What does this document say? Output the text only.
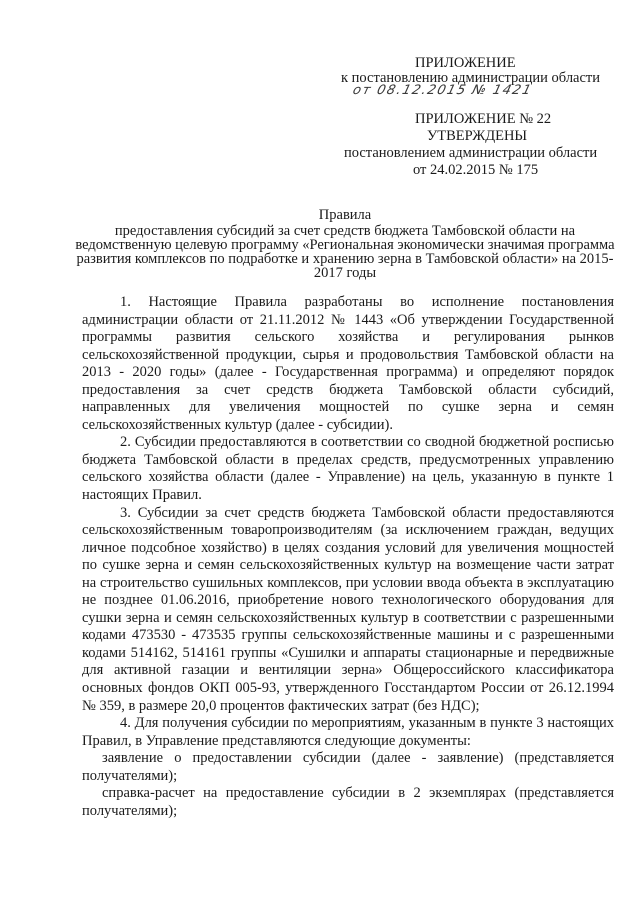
ПРИЛОЖЕНИЕ
к постановлению администрации области
от 08.12.2015 № 1421
ПРИЛОЖЕНИЕ № 22
УТВЕРЖДЕНЫ
постановлением администрации области
от 24.02.2015 № 175
Правила
предоставления субсидий за счет средств бюджета Тамбовской области на ведомственную целевую программу «Региональная экономически значимая программа развития комплексов по подработке и хранению зерна в Тамбовской области» на 2015-2017 годы

1. Настоящие Правила разработаны во исполнение постановления администрации области от 21.11.2012 № 1443 «Об утверждении Государственной программы развития сельского хозяйства и регулирования рынков сельскохозяйственной продукции, сырья и продовольствия Тамбовской области на 2013 - 2020 годы» (далее - Государственная программа) и определяют порядок предоставления за счет средств бюджета Тамбовской области субсидий, направленных для увеличения мощностей по сушке зерна и семян сельскохозяйственных культур (далее - субсидии).

2. Субсидии предоставляются в соответствии со сводной бюджетной росписью бюджета Тамбовской области в пределах средств, предусмотренных управлению сельского хозяйства области (далее - Управление) на цель, указанную в пункте 1 настоящих Правил.

3. Субсидии за счет средств бюджета Тамбовской области предоставляются сельскохозяйственным товаропроизводителям (за исключением граждан, ведущих личное подсобное хозяйство) в целях создания условий для увеличения мощностей по сушке зерна и семян сельскохозяйственных культур на возмещение части затрат на строительство сушильных комплексов, при условии ввода объекта в эксплуатацию не позднее 01.06.2016, приобретение нового технологического оборудования для сушки зерна и семян сельскохозяйственных культур в соответствии с разрешенными кодами 473530 - 473535 группы сельскохозяйственные машины и с разрешенными кодами 514162, 514161 группы «Сушилки и аппараты стационарные и передвижные для активной газации и вентиляции зерна» Общероссийского классификатора основных фондов ОКП 005-93, утвержденного Госстандартом России от 26.12.1994 № 359, в размере 20,0 процентов фактических затрат (без НДС);

4. Для получения субсидии по мероприятиям, указанным в пункте 3 настоящих Правил, в Управление представляются следующие документы:

заявление о предоставлении субсидии (далее - заявление) (представляется получателями);

справка-расчет на предоставление субсидии в 2 экземплярах (представляется получателями);
